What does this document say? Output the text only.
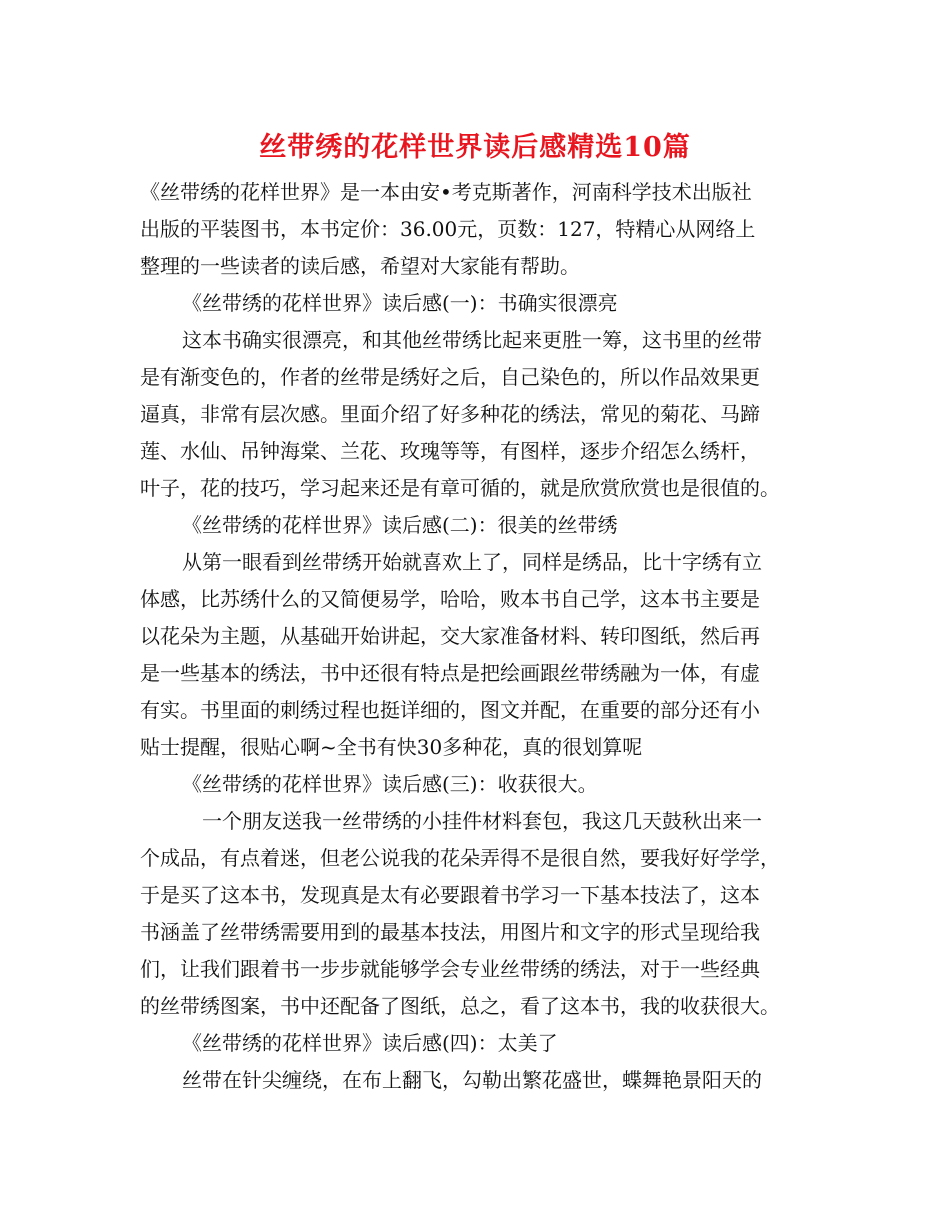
丝带绣的花样世界读后感精选10篇
《丝带绣的花样世界》是一本由安•考克斯著作，河南科学技术出版社
出版的平装图书，本书定价：36.00元，页数：127，特精心从网络上
整理的一些读者的读后感，希望对大家能有帮助。
《丝带绣的花样世界》读后感(一)：书确实很漂亮
这本书确实很漂亮，和其他丝带绣比起来更胜一筹，这书里的丝带
是有渐变色的，作者的丝带是绣好之后，自己染色的，所以作品效果更
逼真，非常有层次感。里面介绍了好多种花的绣法，常见的菊花、马蹄
莲、水仙、吊钟海棠、兰花、玫瑰等等，有图样，逐步介绍怎么绣杆，
叶子，花的技巧，学习起来还是有章可循的，就是欣赏欣赏也是很值的。
《丝带绣的花样世界》读后感(二)：很美的丝带绣
从第一眼看到丝带绣开始就喜欢上了，同样是绣品，比十字绣有立
体感，比苏绣什么的又简便易学，哈哈，败本书自己学，这本书主要是
以花朵为主题，从基础开始讲起，交大家准备材料、转印图纸，然后再
是一些基本的绣法，书中还很有特点是把绘画跟丝带绣融为一体，有虚
有实。书里面的刺绣过程也挺详细的，图文并配，在重要的部分还有小
贴士提醒，很贴心啊~全书有快30多种花，真的很划算呢
《丝带绣的花样世界》读后感(三)：收获很大。
一个朋友送我一丝带绣的小挂件材料套包，我这几天鼓秋出来一
个成品，有点着迷，但老公说我的花朵弄得不是很自然，要我好好学学，
于是买了这本书，发现真是太有必要跟着书学习一下基本技法了，这本
书涵盖了丝带绣需要用到的最基本技法，用图片和文字的形式呈现给我
们，让我们跟着书一步步就能够学会专业丝带绣的绣法，对于一些经典
的丝带绣图案，书中还配备了图纸，总之，看了这本书，我的收获很大。
《丝带绣的花样世界》读后感(四)：太美了
丝带在针尖缠绕，在布上翻飞，勾勒出繁花盛世，蝶舞艳景阳天的
